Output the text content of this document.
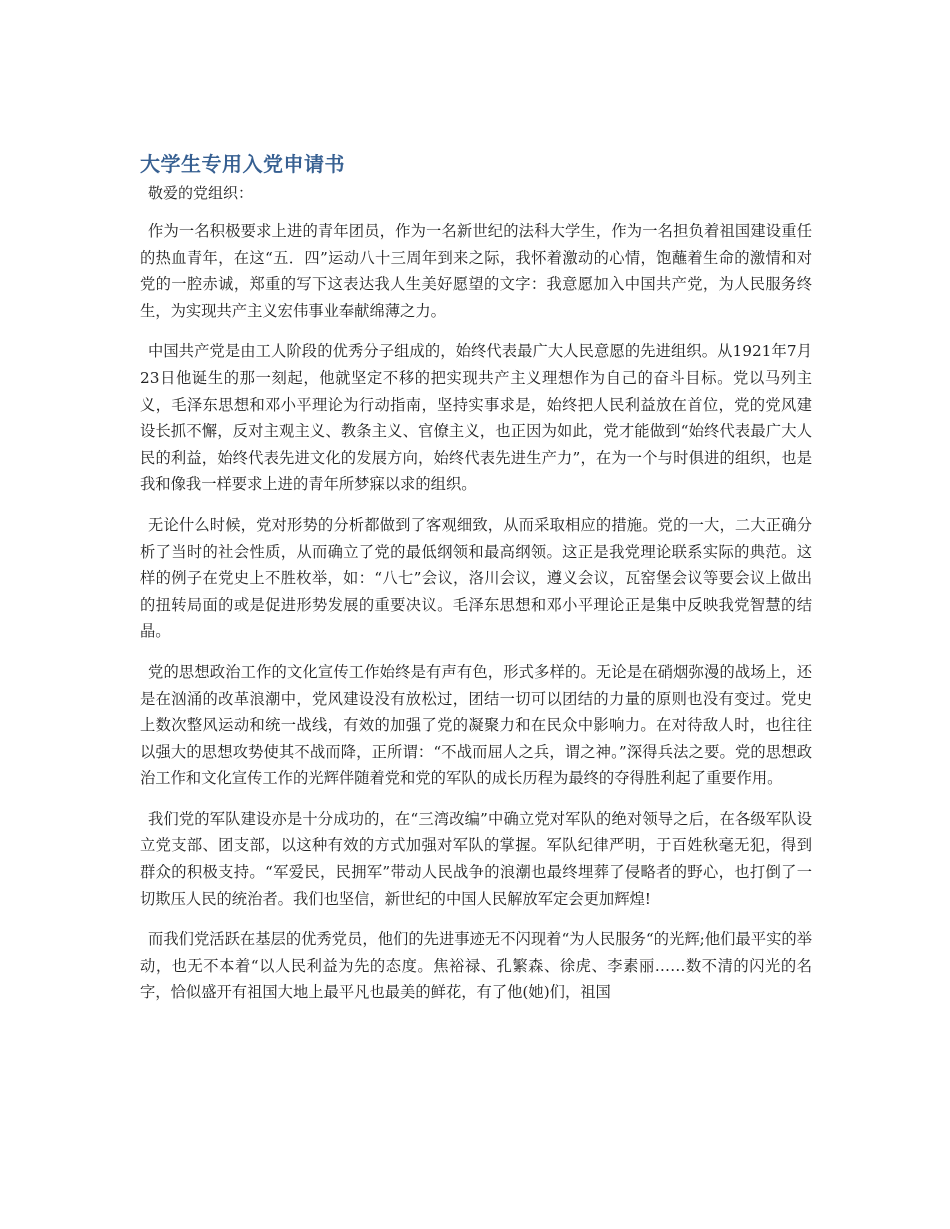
大学生专用入党申请书

敬爱的党组织：

作为一名积极要求上进的青年团员，作为一名新世纪的法科大学生，作为一名担负着祖国建设重任的热血青年，在这“五．四”运动八十三周年到来之际，我怀着激动的心情，饱蘸着生命的激情和对党的一腔赤诚，郑重的写下这表达我人生美好愿望的文字：我意愿加入中国共产党，为人民服务终生，为实现共产主义宏伟事业奉献绵薄之力。

中国共产党是由工人阶段的优秀分子组成的，始终代表最广大人民意愿的先进组织。从1921年7月23日他诞生的那一刻起，他就坚定不移的把实现共产主义理想作为自己的奋斗目标。党以马列主义，毛泽东思想和邓小平理论为行动指南，坚持实事求是，始终把人民利益放在首位，党的党风建设长抓不懈，反对主观主义、教条主义、官僚主义，也正因为如此，党才能做到“始终代表最广大人民的利益，始终代表先进文化的发展方向，始终代表先进生产力”，在为一个与时俱进的组织，也是我和像我一样要求上进的青年所梦寐以求的组织。

无论什么时候，党对形势的分析都做到了客观细致，从而采取相应的措施。党的一大，二大正确分析了当时的社会性质，从而确立了党的最低纲领和最高纲领。这正是我党理论联系实际的典范。这样的例子在党史上不胜枚举，如：“八七”会议，洛川会议，遵义会议，瓦窑堡会议等要会议上做出的扭转局面的或是促进形势发展的重要决议。毛泽东思想和邓小平理论正是集中反映我党智慧的结晶。

党的思想政治工作的文化宣传工作始终是有声有色，形式多样的。无论是在硝烟弥漫的战场上，还是在汹涌的改革浪潮中，党风建设没有放松过，团结一切可以团结的力量的原则也没有变过。党史上数次整风运动和统一战线，有效的加强了党的凝聚力和在民众中影响力。在对待敌人时，也往往以强大的思想攻势使其不战而降，正所谓：“不战而屈人之兵，谓之神。”深得兵法之要。党的思想政治工作和文化宣传工作的光辉伴随着党和党的军队的成长历程为最终的夺得胜利起了重要作用。

我们党的军队建设亦是十分成功的，在“三湾改编”中确立党对军队的绝对领导之后，在各级军队设立党支部、团支部，以这种有效的方式加强对军队的掌握。军队纪律严明，于百姓秋毫无犯，得到群众的积极支持。“军爱民，民拥军”带动人民战争的浪潮也最终埋葬了侵略者的野心，也打倒了一切欺压人民的统治者。我们也坚信，新世纪的中国人民解放军定会更加辉煌!

而我们党活跃在基层的优秀党员，他们的先进事迹无不闪现着“为人民服务“的光辉;他们最平实的举动，也无不本着“以人民利益为先的态度。焦裕禄、孔繁森、徐虎、李素丽……数不清的闪光的名字，恰似盛开有祖国大地上最平凡也最美的鲜花，有了他(她)们，祖国
